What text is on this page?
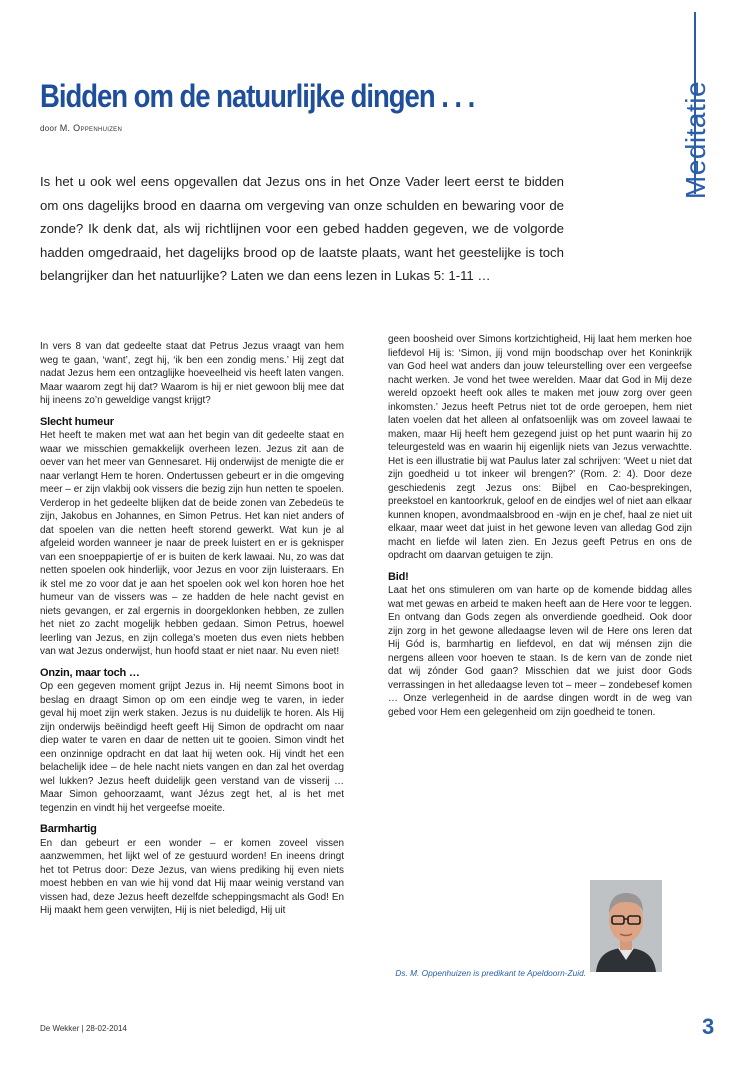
Meditatie
Bidden om de natuurlijke dingen . . .
door M. Oppenhuizen

Is het u ook wel eens opgevallen dat Jezus ons in het Onze Vader leert eerst te bidden om ons dagelijks brood en daarna om vergeving van onze schulden en bewaring voor de zonde? Ik denk dat, als wij richtlijnen voor een gebed hadden gegeven, we de volgorde hadden omgedraaid, het dagelijks brood op de laatste plaats, want het geestelijke is toch belangrijker dan het natuurlijke? Laten we dan eens lezen in Lukas 5: 1-11 …

In vers 8 van dat gedeelte staat dat Petrus Jezus vraagt van hem weg te gaan, ‘want’, zegt hij, ‘ik ben een zondig mens.’ Hij zegt dat nadat Jezus hem een ontzaglijke hoeveelheid vis heeft laten vangen. Maar waarom zegt hij dat? Waarom is hij er niet gewoon blij mee dat hij ineens zo’n geweldige vangst krijgt?

Slecht humeur

Het heeft te maken met wat aan het begin van dit gedeelte staat en waar we misschien gemakkelijk overheen lezen. Jezus zit aan de oever van het meer van Gennesaret. Hij onderwijst de menigte die er naar verlangt Hem te horen. Ondertussen gebeurt er in die omgeving meer – er zijn vlakbij ook vissers die bezig zijn hun netten te spoelen. Verderop in het gedeelte blijken dat de beide zonen van Zebedeüs te zijn, Jakobus en Johannes, en Simon Petrus. Het kan niet anders of dat spoelen van die netten heeft storend gewerkt. Wat kun je al afgeleid worden wanneer je naar de preek luistert en er is geknisper van een snoeppapiertje of er is buiten de kerk lawaai. Nu, zo was dat netten spoelen ook hinderlijk, voor Jezus en voor zijn luisteraars. En ik stel me zo voor dat je aan het spoelen ook wel kon horen hoe het humeur van de vissers was – ze hadden de hele nacht gevist en niets gevangen, er zal ergernis in doorgeklonken hebben, ze zullen het niet zo zacht mogelijk hebben gedaan. Simon Petrus, hoewel leerling van Jezus, en zijn collega’s moeten dus even niets hebben van wat Jezus onderwijst, hun hoofd staat er niet naar. Nu even niet!

Onzin, maar toch …

Op een gegeven moment grijpt Jezus in. Hij neemt Simons boot in beslag en draagt Simon op om een eindje weg te varen, in ieder geval hij moet zijn werk staken. Jezus is nu duidelijk te horen. Als Hij zijn onderwijs beëindigd heeft geeft Hij Simon de opdracht om naar diep water te varen en daar de netten uit te gooien. Simon vindt het een onzinnige opdracht en dat laat hij weten ook. Hij vindt het een belachelijk idee – de hele nacht niets vangen en dan zal het overdag wel lukken? Jezus heeft duidelijk geen verstand van de visserij … Maar Simon gehoorzaamt, want Jézus zegt het, al is het met tegenzin en vindt hij het vergeefse moeite.

Barmhartig

En dan gebeurt er een wonder – er komen zoveel vissen aanzwemmen, het lijkt wel of ze gestuurd worden! En ineens dringt het tot Petrus door: Deze Jezus, van wiens prediking hij even niets moest hebben en van wie hij vond dat Hij maar weinig verstand van vissen had, deze Jezus heeft dezelfde scheppingsmacht als God! En Hij maakt hem geen verwijten, Hij is niet beledigd, Hij uit

geen boosheid over Simons kortzichtigheid, Hij laat hem merken hoe liefdevol Hij is: ‘Simon, jij vond mijn boodschap over het Koninkrijk van God heel wat anders dan jouw teleurstelling over een vergeefse nacht werken. Je vond het twee werelden. Maar dat God in Mij deze wereld opzoekt heeft ook alles te maken met jouw zorg over geen inkomsten.’ Jezus heeft Petrus niet tot de orde geroepen, hem niet laten voelen dat het alleen al onfatsoenlijk was om zoveel lawaai te maken, maar Hij heeft hem gezegend juist op het punt waarin hij zo teleurgesteld was en waarin hij eigenlijk niets van Jezus verwachtte. Het is een illustratie bij wat Paulus later zal schrijven: ‘Weet u niet dat zijn goedheid u tot inkeer wil brengen?’ (Rom. 2: 4). Door deze geschiedenis zegt Jezus ons: Bijbel en Cao-besprekingen, preekstoel en kantoorkruk, geloof en de eindjes wel of niet aan elkaar kunnen knopen, avondmaalsbrood en -wijn en je chef, haal ze niet uit elkaar, maar weet dat juist in het gewone leven van alledag God zijn macht en liefde wil laten zien. En Jezus geeft Petrus en ons de opdracht om daarvan getuigen te zijn.

Bid!

Laat het ons stimuleren om van harte op de komende biddag alles wat met gewas en arbeid te maken heeft aan de Here voor te leggen. En ontvang dan Gods zegen als onverdiende goedheid. Ook door zijn zorg in het gewone alledaagse leven wil de Here ons leren dat Hij Gód is, barmhartig en liefdevol, en dat wij ménsen zijn die nergens alleen voor hoeven te staan. Is de kern van de zonde niet dat wij zónder God gaan? Misschien dat we juist door Gods verrassingen in het alledaagse leven tot – meer – zondebesef komen … Onze verlegenheid in de aardse dingen wordt in de weg van gebed voor Hem een gelegenheid om zijn goedheid te tonen.

Ds. M. Oppenhuizen is predikant te Apeldoorn-Zuid.
De Wekker | 28-02-2014	3
